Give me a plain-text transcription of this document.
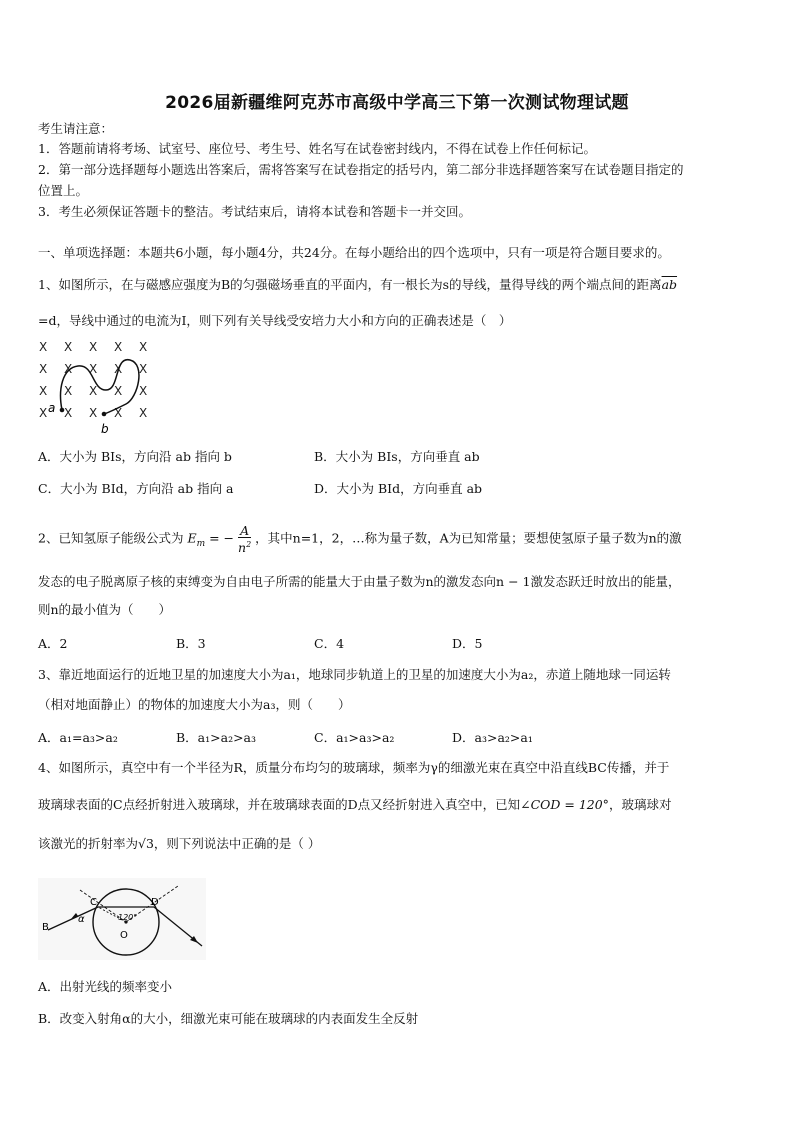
2026届新疆维阿克苏市高级中学高三下第一次测试物理试题
考生请注意：
1．答题前请将考场、试室号、座位号、考生号、姓名写在试卷密封线内，不得在试卷上作任何标记。
2．第一部分选择题每小题选出答案后，需将答案写在试卷指定的括号内，第二部分非选择题答案写在试卷题目指定的
位置上。
3．考生必须保证答题卡的整洁。考试结束后，请将本试卷和答题卡一并交回。
一、单项选择题：本题共6小题，每小题4分，共24分。在每小题给出的四个选项中，只有一项是符合题目要求的。
1、如图所示，在与磁感应强度为B的匀强磁场垂直的平面内，有一根长为s的导线，量得导线的两个端点间的距离$\overline{ab}$
=d，导线中通过的电流为I，则下列有关导线受安培力大小和方向的正确表述是（　）
X X X X X
X X X X X
X X X X X
X X X X X
a
b
A．大小为 BIs，方向沿 ab 指向 b	B．大小为 BIs，方向垂直 ab
C．大小为 BId，方向沿 ab 指向 a	D．大小为 BId，方向垂直 ab
2、已知氢原子能级公式为 $E_m$ = − $\frac{A}{n^2}$ ，其中n=1，2，…称为量子数，A为已知常量；要想使氢原子量子数为n的激
发态的电子脱离原子核的束缚变为自由电子所需的能量大于由量子数为n的激发态向n − 1激发态跃迁时放出的能量，
则n的最小值为（　　）
A．2	B．3	C．4	D．5
3、靠近地面运行的近地卫星的加速度大小为a₁，地球同步轨道上的卫星的加速度大小为a₂，赤道上随地球一同运转
（相对地面静止）的物体的加速度大小为a₃，则（　　）
A．a₁=a₃>a₂	B．a₁>a₂>a₃	C．a₁>a₃>a₂	D．a₃>a₂>a₁
4、如图所示，真空中有一个半径为R，质量分布均匀的玻璃球，频率为γ的细激光束在真空中沿直线BC传播，并于
玻璃球表面的C点经折射进入玻璃球，并在玻璃球表面的D点又经折射进入真空中，已知∠COD = 120°，玻璃球对
该激光的折射率为√3，则下列说法中正确的是（ ）
B
C	D
O
α	120°
A．出射光线的频率变小
B．改变入射角α的大小，细激光束可能在玻璃球的内表面发生全反射
